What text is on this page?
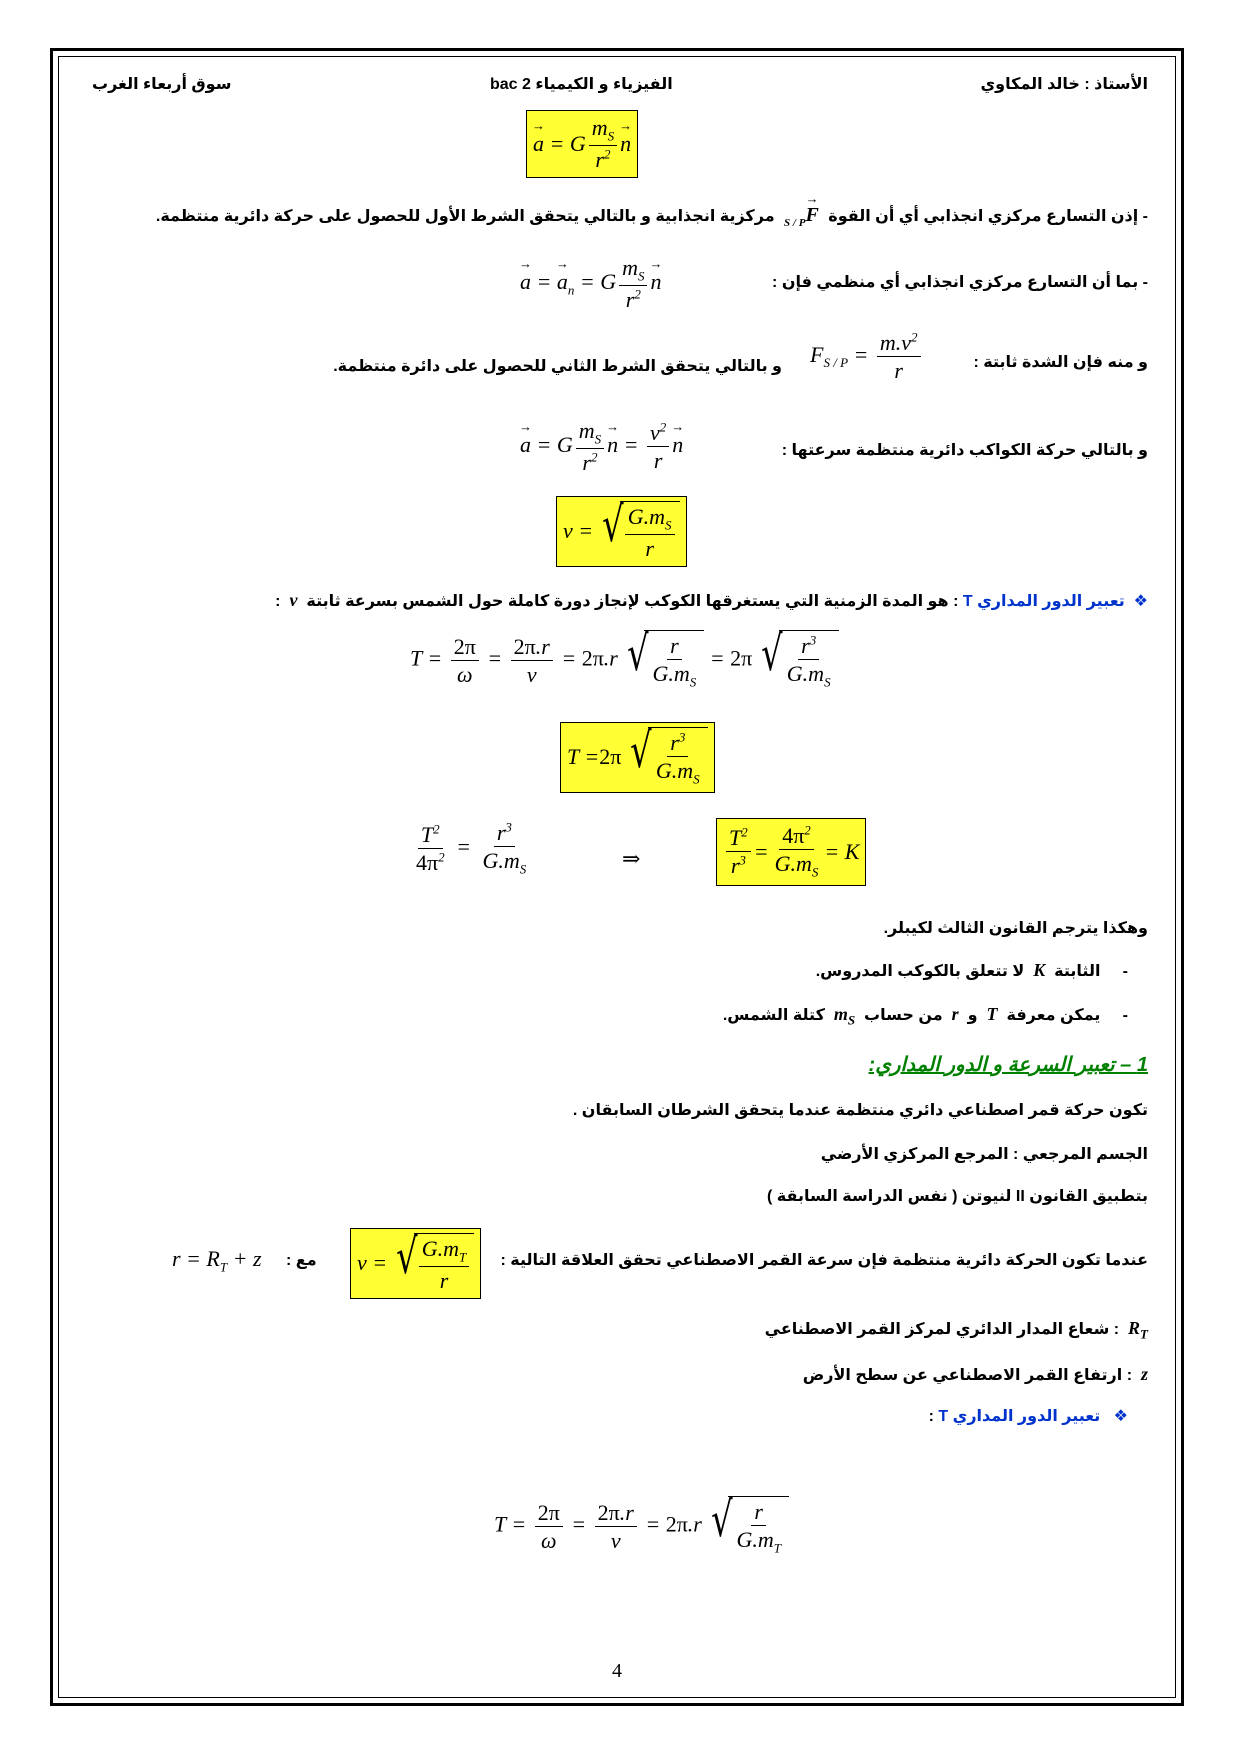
الأستاذ : خالد المكاوي
الفيزياء و الكيمياء 2 bac
سوق أربعاء الغرب
→ a = G $\frac{m_S}{r^2} \to n$
- إذن التسارع مركزي انجذابي أي أن القوة  → $F_{S / P}$  مركزية انجذابية و بالتالي يتحقق الشرط الأول للحصول على حركة دائرية منتظمة.
- بما أن التسارع مركزي انجذابي أي منظمي فإن :
→ a = → $a_n = G \frac{m_S}{r^2} \to n$
و منه فإن الشدة ثابتة :
$F_{S / P} = \frac{m.v^2}{r}$
و بالتالي يتحقق الشرط الثاني للحصول على دائرة منتظمة.
و بالتالي حركة الكواكب دائرية منتظمة سرعتها :
→ a = G $\frac{m_S}{r^2} \to n = \frac{v^2}{r} \to n$
v = √ $\frac{G.m_S}{r}$
❖  تعبير الدور المداري T : هو المدة الزمنية التي يستغرقها الكوكب لإنجاز دورة كاملة حول الشمس بسرعة ثابتة  v  :
$T = \frac{2\pi}{\omega} = \frac{2\pi.r}{v} = 2\pi.r$ √ $\frac{r}{G.m_S} = 2\pi$ √ $\frac{r^3}{G.m_S}$
T = 2π √ $\frac{r^3}{G.m_S}$
$\frac{T^2}{4\pi^2} = \frac{r^3}{G.m_S}$	⇒	$\frac{T^2}{r^3} = \frac{4\pi^2}{G.m_S} = K$
وهكذا يترجم القانون الثالث لكيبلر.
-     الثابتة  K  لا تتعلق بالكوكب المدروس.
-     يمكن معرفة  T  و  r  من حساب  $m_S$  كتلة الشمس.
1 – تعبير السرعة و الدور المداري:
تكون حركة قمر اصطناعي دائري منتظمة عندما يتحقق الشرطان السابقان .
الجسم المرجعي : المرجع المركزي الأرضي
بتطبيق القانون II لنيوتن ( نفس الدراسة السابقة )
عندما تكون الحركة دائرية منتظمة فإن سرعة القمر الاصطناعي تحقق العلاقة التالية :
v = √ $\frac{G.m_T}{r}$
مع :
$r = R_T + z$
$R_T$  : شعاع المدار الدائري لمركز القمر الاصطناعي
z  : ارتفاع القمر الاصطناعي عن سطح الأرض
❖   تعبير الدور المداري T :
$T = \frac{2\pi}{\omega} = \frac{2\pi.r}{v} = 2\pi.r$ √ $\frac{r}{G.m_T}$
4
